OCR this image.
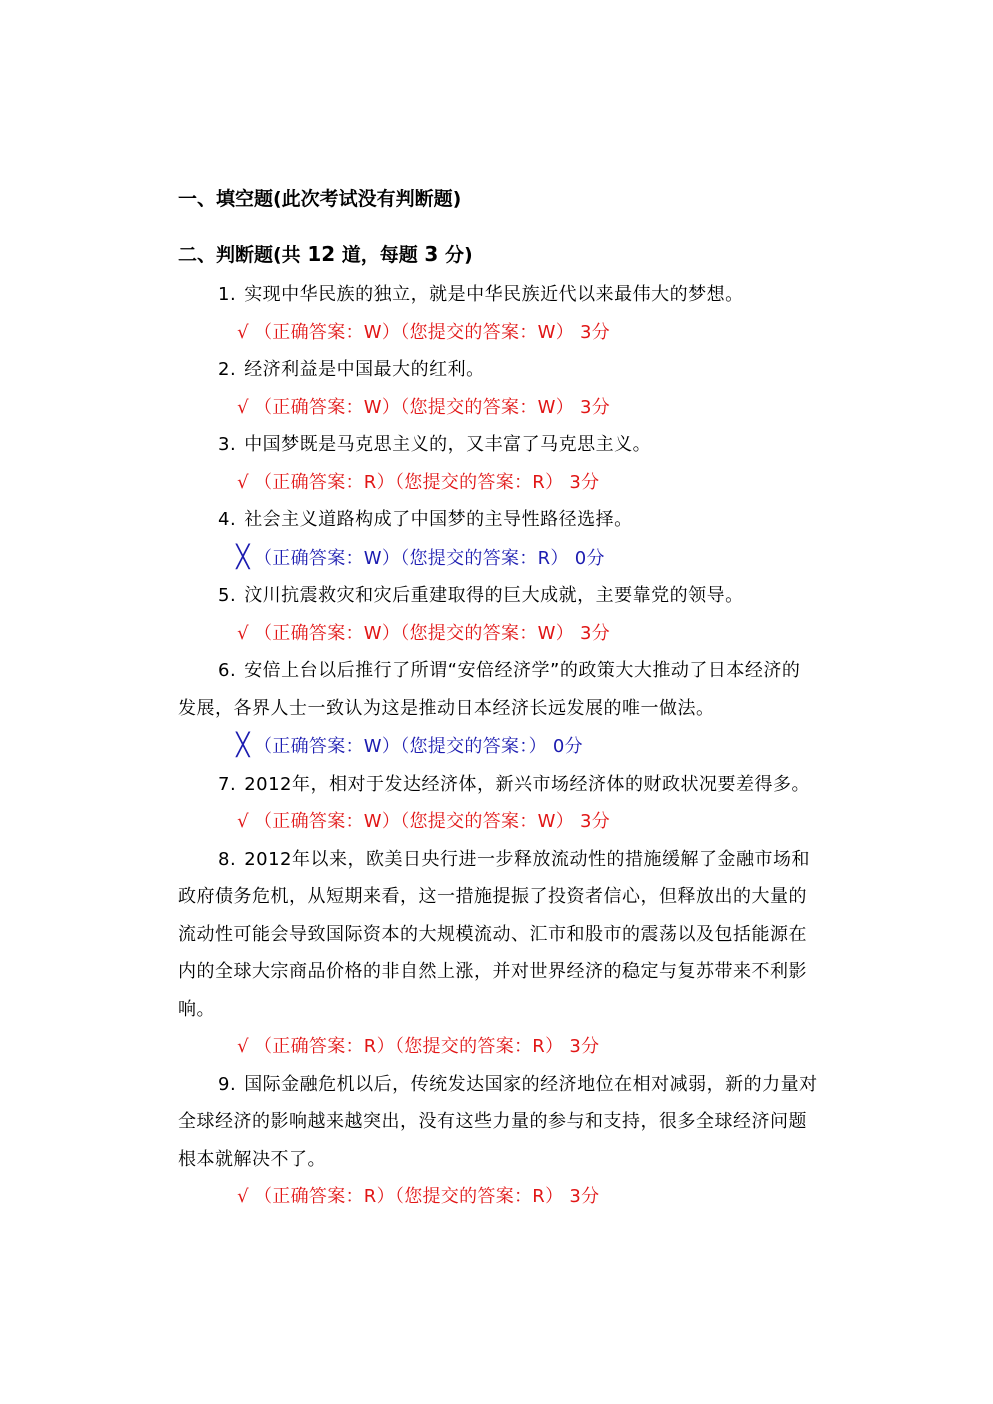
一、填空题(此次考试没有判断题)
二、判断题(共 12 道，每题 3 分)

1. 实现中华民族的独立，就是中华民族近代以来最伟大的梦想。

√ （正确答案：W）（您提交的答案：W） 3分

2. 经济利益是中国最大的红利。

√ （正确答案：W）（您提交的答案：W） 3分

3. 中国梦既是马克思主义的，又丰富了马克思主义。

√ （正确答案：R）（您提交的答案：R） 3分

4. 社会主义道路构成了中国梦的主导性路径选择。

╳ （正确答案：W）（您提交的答案：R） 0分

5. 汶川抗震救灾和灾后重建取得的巨大成就，主要靠党的领导。

√ （正确答案：W）（您提交的答案：W） 3分

6. 安倍上台以后推行了所谓“安倍经济学”的政策大大推动了日本经济的发展，各界人士一致认为这是推动日本经济长远发展的唯一做法。

╳ （正确答案：W）（您提交的答案：） 0分

7. 2012年，相对于发达经济体，新兴市场经济体的财政状况要差得多。

√ （正确答案：W）（您提交的答案：W） 3分

8. 2012年以来，欧美日央行进一步释放流动性的措施缓解了金融市场和政府债务危机，从短期来看，这一措施提振了投资者信心，但释放出的大量的流动性可能会导致国际资本的大规模流动、汇市和股市的震荡以及包括能源在内的全球大宗商品价格的非自然上涨，并对世界经济的稳定与复苏带来不利影响。

√ （正确答案：R）（您提交的答案：R） 3分

9. 国际金融危机以后，传统发达国家的经济地位在相对减弱，新的力量对全球经济的影响越来越突出，没有这些力量的参与和支持，很多全球经济问题根本就解决不了。

√ （正确答案：R）（您提交的答案：R） 3分
